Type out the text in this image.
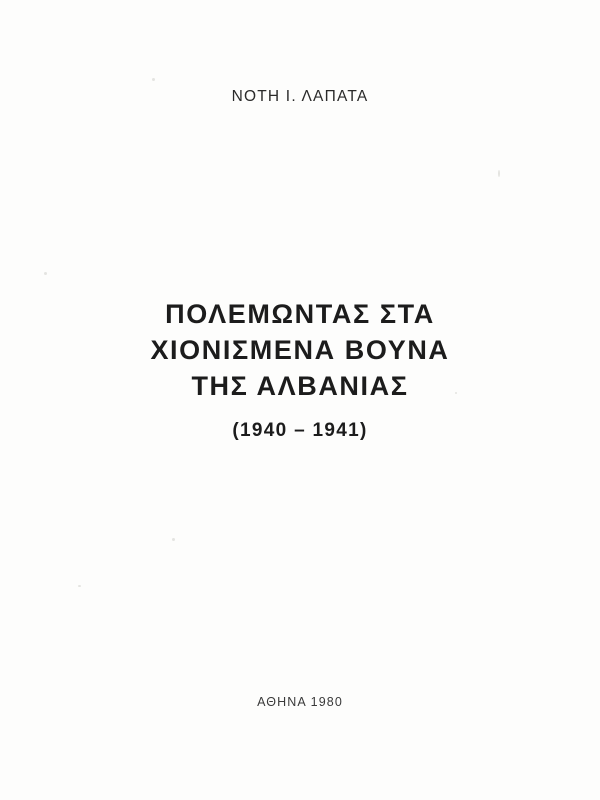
ΝΟΤΗ Ι. ΛΑΠΑΤΑ
ΠΟΛΕΜΩΝΤΑΣ ΣΤΑ
ΧΙΟΝΙΣΜΕΝΑ ΒΟΥΝΑ
ΤΗΣ ΑΛΒΑΝΙΑΣ
(1940 – 1941)
ΑΘΗΝΑ 1980
